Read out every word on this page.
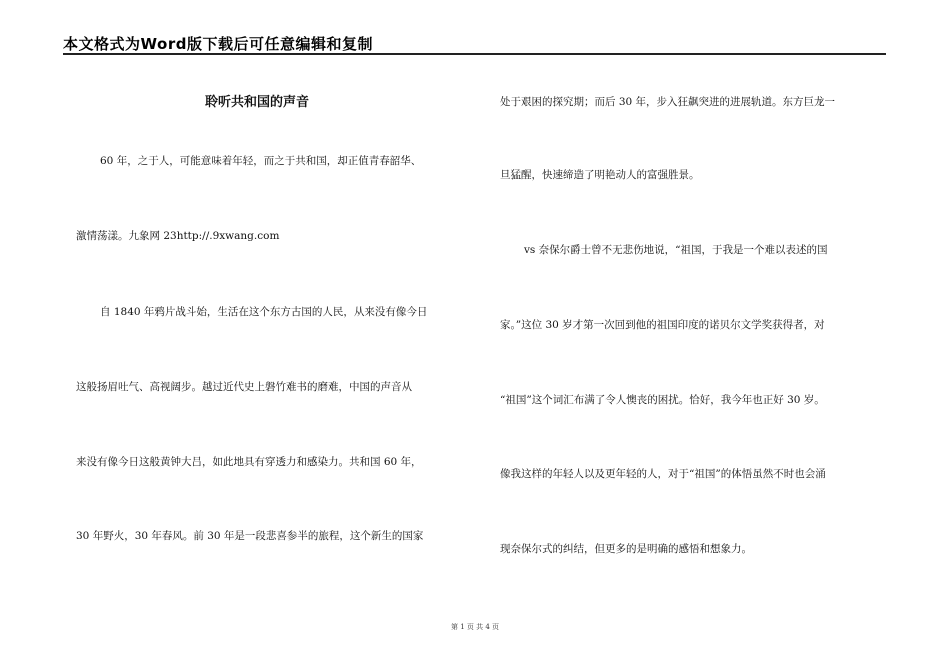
本文格式为Word版下载后可任意编辑和复制
聆听共和国的声音
60 年，之于人，可能意味着年轻，而之于共和国，却正值青春韶华、
激情荡漾。九象网 23http://.9xwang.com
自 1840 年鸦片战斗始，生活在这个东方古国的人民，从来没有像今日
这般扬眉吐气、高视阔步。越过近代史上磐竹难书的磨难，中国的声音从
来没有像今日这般黄钟大吕，如此地具有穿透力和感染力。共和国 60 年，
30 年野火，30 年春风。前 30 年是一段悲喜参半的旅程，这个新生的国家
处于艰困的探究期；而后 30 年，步入狂飙突进的进展轨道。东方巨龙一
旦猛醒，快速缔造了明艳动人的富强胜景。
vs 奈保尔爵士曾不无悲伤地说，“祖国，于我是一个难以表述的国
家。”这位 30 岁才第一次回到他的祖国印度的诺贝尔文学奖获得者，对
“祖国”这个词汇布满了令人懊丧的困扰。恰好，我今年也正好 30 岁。
像我这样的年轻人以及更年轻的人，对于“祖国”的体悟虽然不时也会涌
现奈保尔式的纠结，但更多的是明确的感悟和想象力。
第 1 页 共 4 页
